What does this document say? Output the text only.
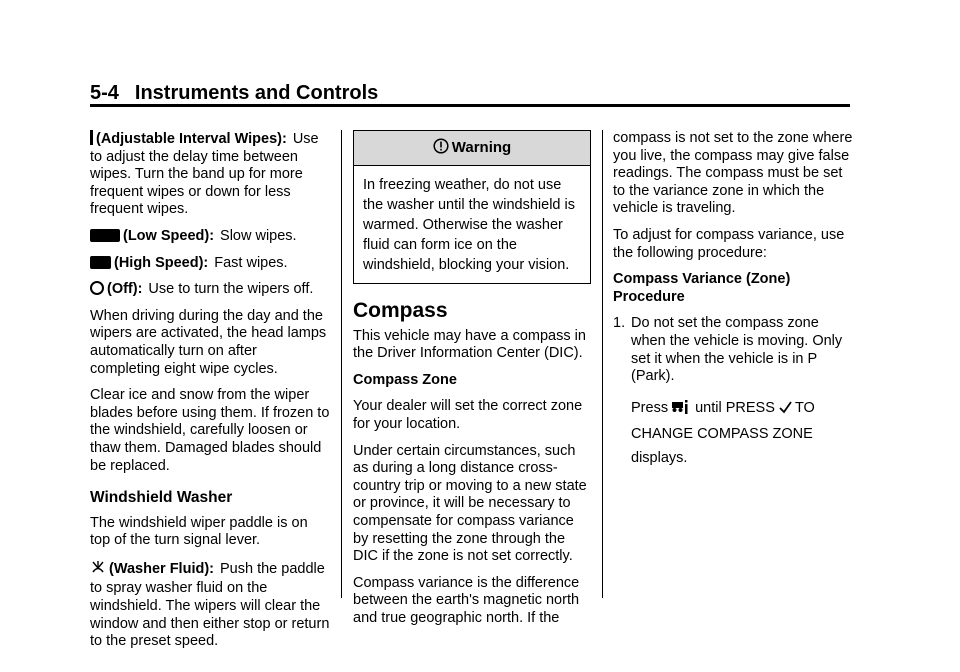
5-4 Instruments and Controls

(Adjustable Interval Wipes): Use to adjust the delay time between wipes. Turn the band up for more frequent wipes or down for less frequent wipes.

(Low Speed): Slow wipes.

(High Speed): Fast wipes.

(Off): Use to turn the wipers off.

When driving during the day and the wipers are activated, the head lamps automatically turn on after completing eight wipe cycles.

Clear ice and snow from the wiper blades before using them. If frozen to the windshield, carefully loosen or thaw them. Damaged blades should be replaced.

Windshield Washer

The windshield wiper paddle is on top of the turn signal lever.

(Washer Fluid): Push the paddle to spray washer fluid on the windshield. The wipers will clear the window and then either stop or return to the preset speed.

Warning
In freezing weather, do not use the washer until the windshield is warmed. Otherwise the washer fluid can form ice on the windshield, blocking your vision.
Compass

This vehicle may have a compass in the Driver Information Center (DIC).

Compass Zone

Your dealer will set the correct zone for your location.

Under certain circumstances, such as during a long distance cross-country trip or moving to a new state or province, it will be necessary to compensate for compass variance by resetting the zone through the DIC if the zone is not set correctly.

Compass variance is the difference between the earth's magnetic north and true geographic north. If the

compass is not set to the zone where you live, the compass may give false readings. The compass must be set to the variance zone in which the vehicle is traveling.

To adjust for compass variance, use the following procedure:

Compass Variance (Zone) Procedure

1. Do not set the compass zone when the vehicle is moving. Only set it when the vehicle is in P (Park).

Press until PRESS TO
CHANGE COMPASS ZONE displays.
